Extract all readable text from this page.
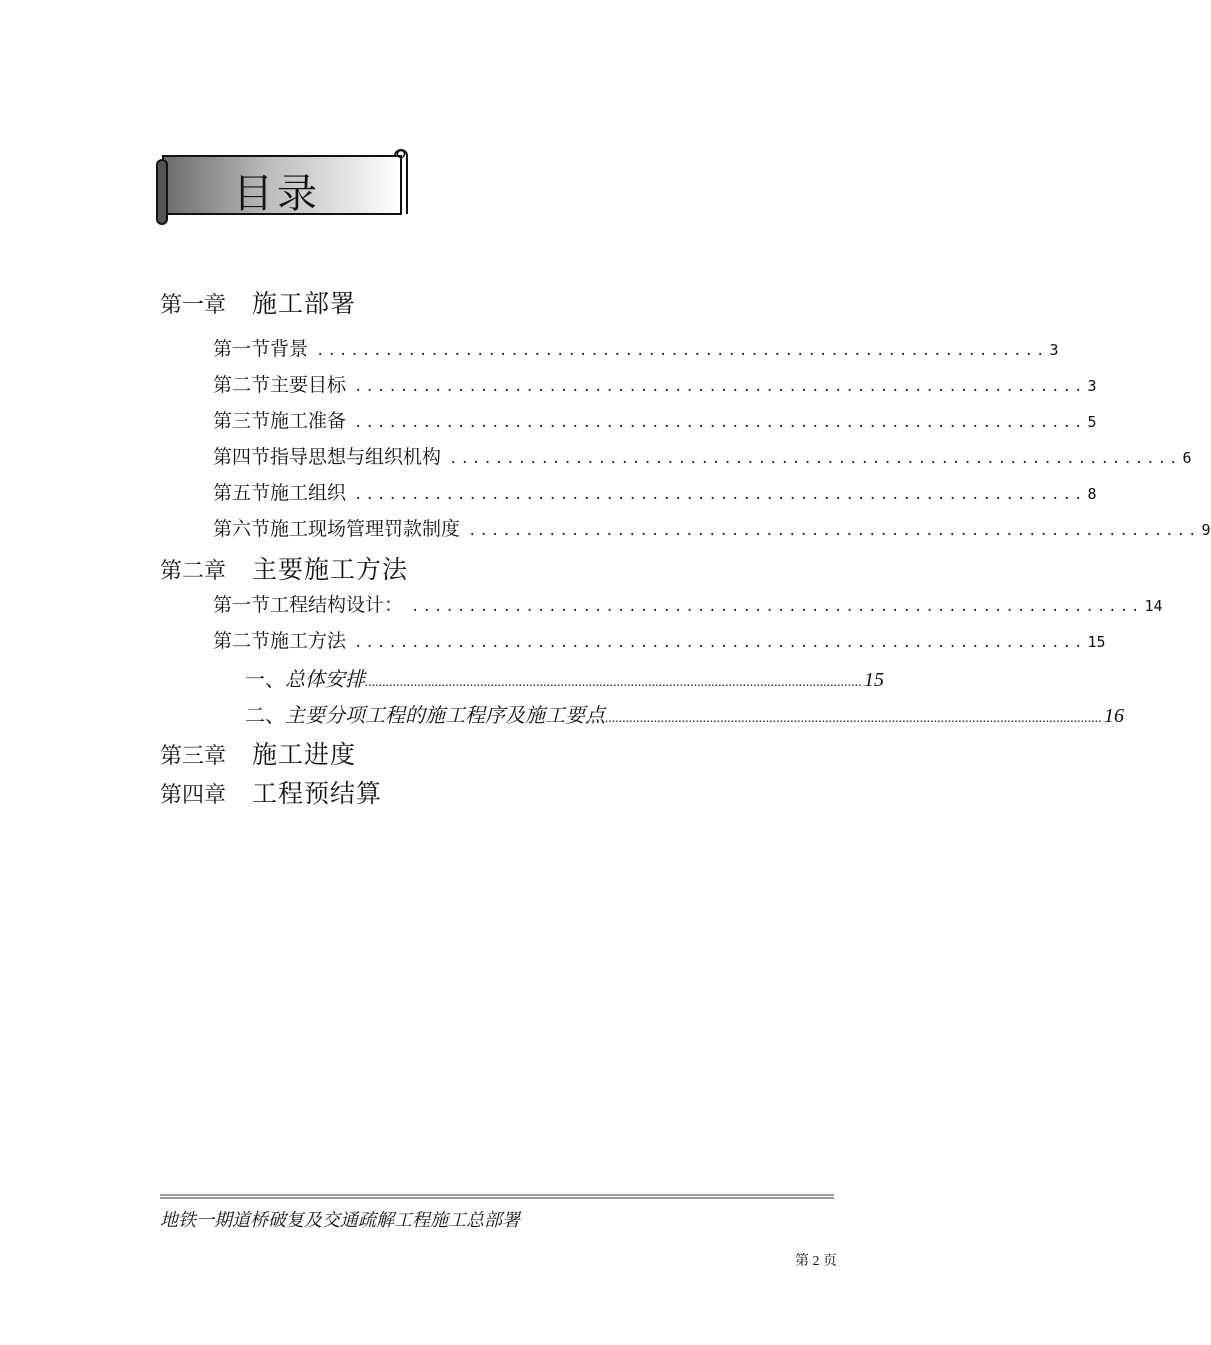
目录
第一章 施工部署
第一节 背景 ................................................................ 3
第二节 主要目标 ................................................................ 3
第三节 施工准备 ................................................................ 5
第四节 指导思想与组织机构 ................................................................ 6
第五节 施工组织 ................................................................ 8
第六节 施工现场管理罚款制度 ................................................................ 9
第二章 主要施工方法
第一节 工程结构设计： ................................................................ 14
第二节 施工方法 ................................................................ 15
一、 总体安排 .............................................................................................................................................. 15
二、 主要分项工程的施工程序及施工要点 .............................................................................................................................................. 16
第三章 施工进度
第四章 工程预结算
地铁一期道桥破复及交通疏解工程施工总部署
第 2 页
